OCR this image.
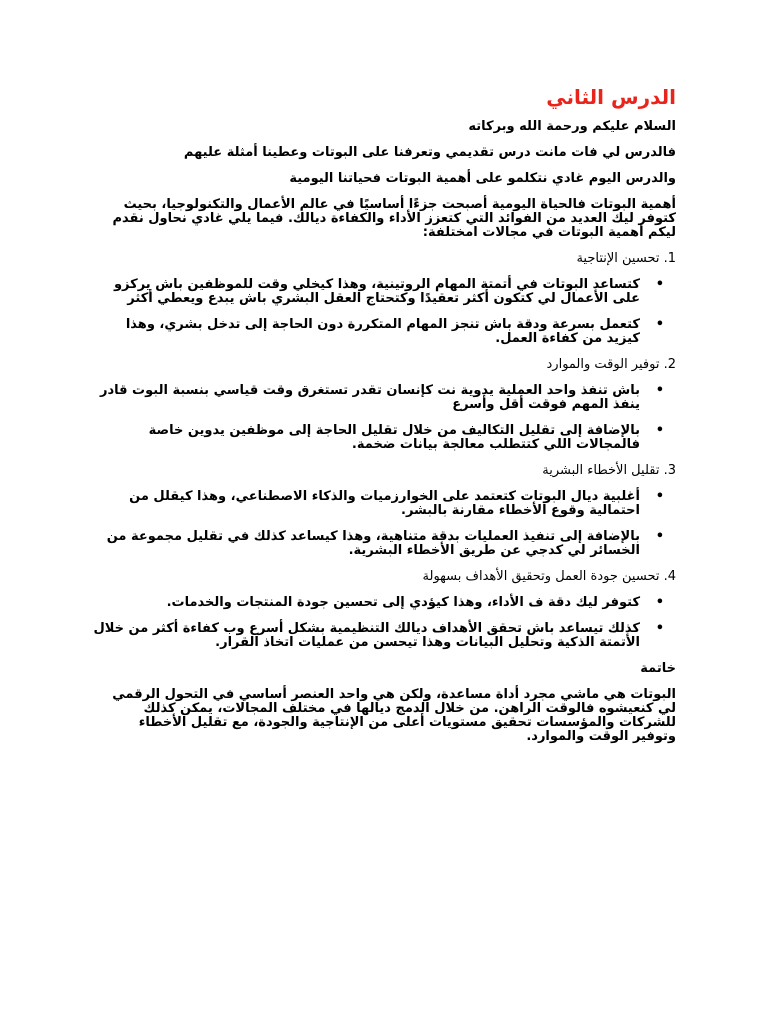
الدرس الثاني

السلام عليكم ورحمة الله وبركاته

فالدرس لي فات مانت درس تقديمي وتعرفنا على البوتات وعطينا أمثلة عليهم

والدرس اليوم غادي نتكلمو على أهمية البوتات فحياتنا اليومية

أهمية البوتات فالحياة اليومية أصبحت جزءًا أساسيًا في عالم الأعمال والتكنولوجيا، بحيث كتوفر ليك العديد من الفوائد التي كتعزز الأداء والكفاءة ديالك. فيما يلي غادي نحاول نقدم ليكم أهمية البوتات في مجالات امختلفة:

1. تحسين الإنتاجية

•
كتساعد البوتات في أتمتة المهام الروتينية، وهذا كيخلي وقت للموظفين باش يركزو على الأعمال لي كتكون أكثر تعقيدًا وكتحتاج العقل البشري باش يبدع ويعطي أكثر
•
كتعمل بسرعة ودقة باش تنجز المهام المتكررة دون الحاجة إلى تدخل بشري، وهذا كيزيد من كفاءة العمل.

2. توفير الوقت والموارد

•
باش تنفذ واحد العملية يدوية نت كإنسان تقدر تستغرق وقت قياسي بنسبة البوت قادر ينفذ المهم فوقت أقل وأسرع
•
بالإضافة إلى تقليل التكاليف من خلال تقليل الحاجة إلى موظفين يدوين خاصة فالمجالات اللي كتتطلب معالجة بيانات ضخمة.

3. تقليل الأخطاء البشرية

•
أغلبية ديال البوتات كتعتمد على الخوارزميات والذكاء الاصطناعي، وهذا كيقلل من احتمالية وقوع الأخطاء مقارنة بالبشر.
•
بالإضافة إلى تنفيذ العمليات بدقة متناهية، وهذا كيساعد كذلك في تقليل مجموعة من الخسائر لي كدجي عن طريق الأخطاء البشرية.

4. تحسين جودة العمل وتحقيق الأهداف بسهولة

•
كتوفر ليك دقة ف الأداء، وهذا كيؤدي إلى تحسين جودة المنتجات والخدمات.
•
كذلك تيساعد باش تحقق الأهداف ديالك التنظيمية بشكل أسرع وب كفاءة أكثر من خلال الأتمتة الذكية وتحليل البيانات وهذا تيحسن من عمليات اتخاذ القرار.

خاتمة

البوتات هي ماشي مجرد أداة مساعدة، ولكن هي واحد العنصر أساسي في التحول الرقمي لي كنعيشوه فالوقت الراهن. من خلال الدمج ديالها في مختلف المجالات، يمكن كذلك للشركات والمؤسسات تحقيق مستويات أعلى من الإنتاجية والجودة، مع تقليل الأخطاء وتوفير الوقت والموارد.
